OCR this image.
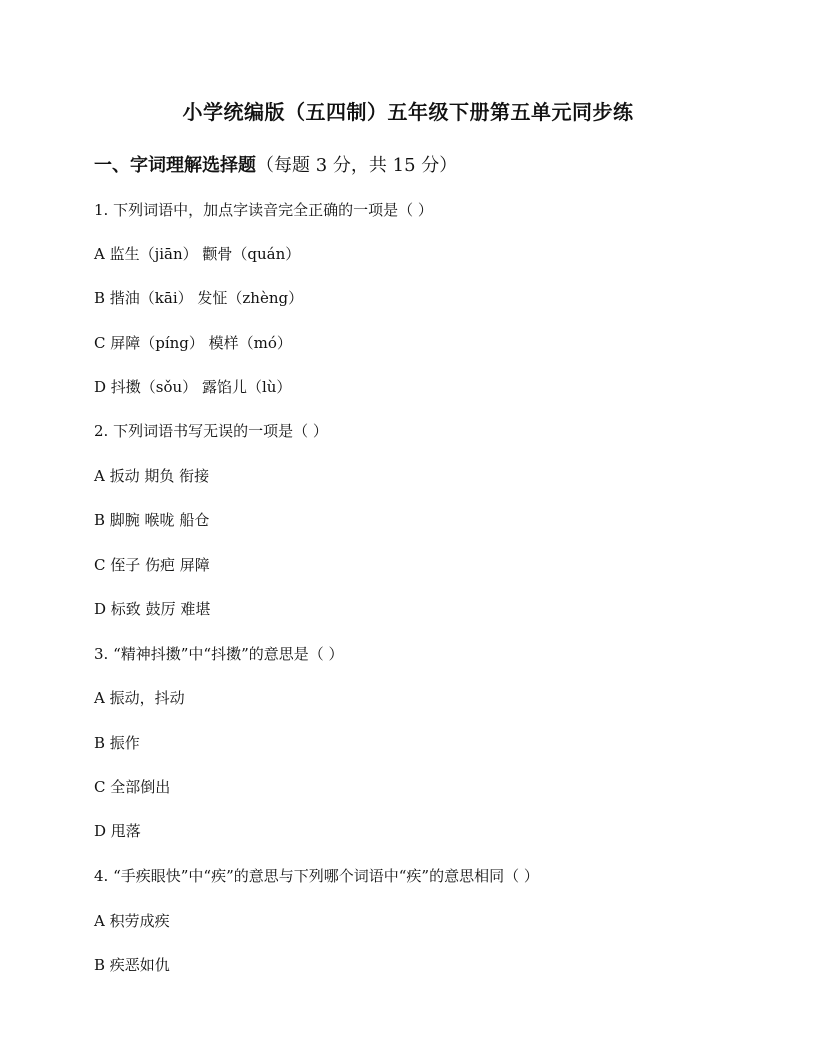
小学统编版（五四制）五年级下册第五单元同步练
一、字词理解选择题（每题 3 分，共 15 分）
1. 下列词语中，加点字读音完全正确的一项是（ ）
A 监生（jiān） 颧骨（quán）
B 揩油（kāi） 发怔（zhèng）
C 屏障（píng） 模样（mó）
D 抖擞（sǒu） 露馅儿（lù）
2. 下列词语书写无误的一项是（ ）
A 扳动 期负 衔接
B 脚腕 喉咙 船仓
C 侄子 伤疤 屏障
D 标致 鼓厉 难堪
3. “精神抖擞”中“抖擞”的意思是（ ）
A 振动，抖动
B 振作
C 全部倒出
D 甩落
4. “手疾眼快”中“疾”的意思与下列哪个词语中“疾”的意思相同（ ）
A 积劳成疾
B 疾恶如仇
